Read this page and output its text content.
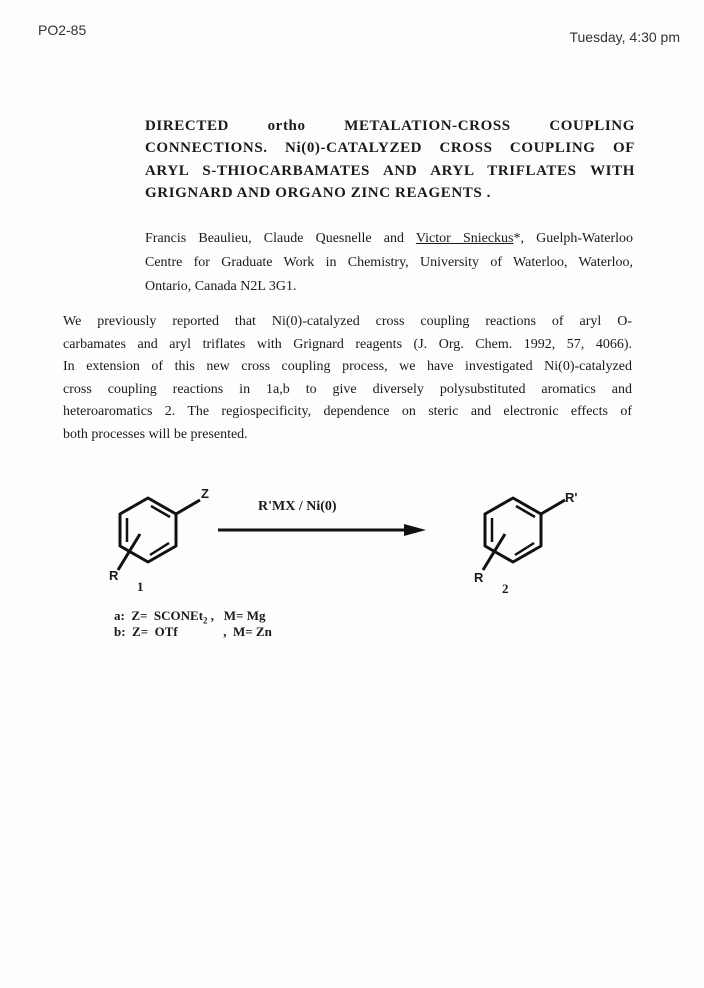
PO2-85	Tuesday, 4:30 pm
DIRECTED ortho METALATION-CROSS COUPLING
CONNECTIONS. Ni(0)-CATALYZED CROSS COUPLING OF
ARYL S-THIOCARBAMATES AND ARYL TRIFLATES WITH
GRIGNARD AND ORGANO ZINC REAGENTS .
Francis Beaulieu, Claude Quesnelle and Victor Snieckus*, Guelph-Waterloo
Centre for Graduate Work in Chemistry, University of Waterloo, Waterloo,
Ontario, Canada N2L 3G1.
We previously reported that Ni(0)-catalyzed cross coupling reactions of aryl O-
carbamates and aryl triflates with Grignard reagents (J. Org. Chem. 1992, 57, 4066).
In extension of this new cross coupling process, we have investigated Ni(0)-catalyzed
cross coupling reactions in 1a,b to give diversely polysubstituted aromatics and
heteroaromatics 2. The regiospecificity, dependence on steric and electronic effects of
both processes will be presented.
Z
R
1
R'MX / Ni(0)
R'
R
2
a:  Z=  SCONEt$_2$ ,   M= Mg
b:  Z=  OTf              ,  M= Zn
